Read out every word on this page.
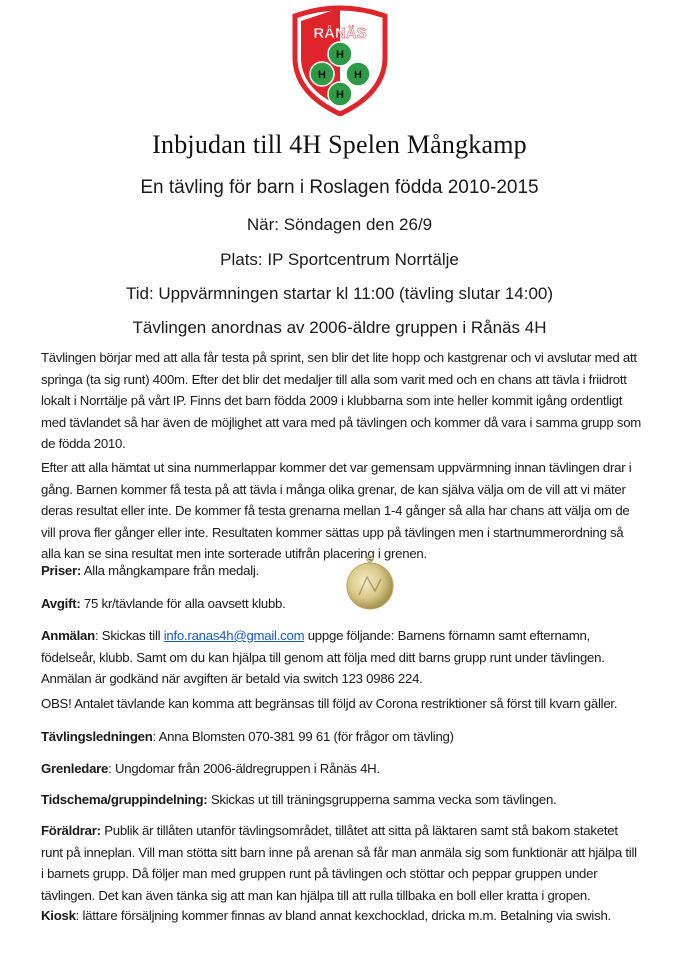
RÅNÄS
H
H	H
H
Inbjudan till 4H Spelen Mångkamp
En tävling för barn i Roslagen födda 2010-2015
När: Söndagen den 26/9
Plats: IP Sportcentrum Norrtälje
Tid: Uppvärmningen startar kl 11:00 (tävling slutar 14:00)
Tävlingen anordnas av 2006-äldre gruppen i Rånäs 4H
Tävlingen börjar med att alla får testa på sprint, sen blir det lite hopp och kastgrenar och vi avslutar med att springa (ta sig runt) 400m. Efter det blir det medaljer till alla som varit med och en chans att tävla i friidrott lokalt i Norrtälje på vårt IP. Finns det barn födda 2009 i klubbarna som inte heller kommit igång ordentligt med tävlandet så har även de möjlighet att vara med på tävlingen och kommer då vara i samma grupp som de födda 2010.
Efter att alla hämtat ut sina nummerlappar kommer det var gemensam uppvärmning innan tävlingen drar i gång. Barnen kommer få testa på att tävla i många olika grenar, de kan själva välja om de vill att vi mäter deras resultat eller inte. De kommer få testa grenarna mellan 1-4 gånger så alla har chans att välja om de vill prova fler gånger eller inte. Resultaten kommer sättas upp på tävlingen men i startnummerordning så alla kan se sina resultat men inte sorterade utifrån placering i grenen.
Priser: Alla mångkampare från medalj.
Avgift: 75 kr/tävlande för alla oavsett klubb.
Anmälan: Skickas till info.ranas4h@gmail.com uppge följande: Barnens förnamn samt efternamn, födelseår, klubb. Samt om du kan hjälpa till genom att följa med ditt barns grupp runt under tävlingen. Anmälan är godkänd när avgiften är betald via switch 123 0986 224.
OBS! Antalet tävlande kan komma att begränsas till följd av Corona restriktioner så först till kvarn gäller.
Tävlingsledningen: Anna Blomsten 070-381 99 61 (för frågor om tävling)
Grenledare: Ungdomar från 2006-äldregruppen i Rånäs 4H.
Tidschema/gruppindelning: Skickas ut till träningsgrupperna samma vecka som tävlingen.
Föräldrar: Publik är tillåten utanför tävlingsområdet, tillåtet att sitta på läktaren samt stå bakom staketet runt på inneplan. Vill man stötta sitt barn inne på arenan så får man anmäla sig som funktionär att hjälpa till i barnets grupp. Då följer man med gruppen runt på tävlingen och stöttar och peppar gruppen under tävlingen. Det kan även tänka sig att man kan hjälpa till att rulla tillbaka en boll eller kratta i gropen.
Kiosk: lättare försäljning kommer finnas av bland annat kexchocklad, dricka m.m. Betalning via swish.
